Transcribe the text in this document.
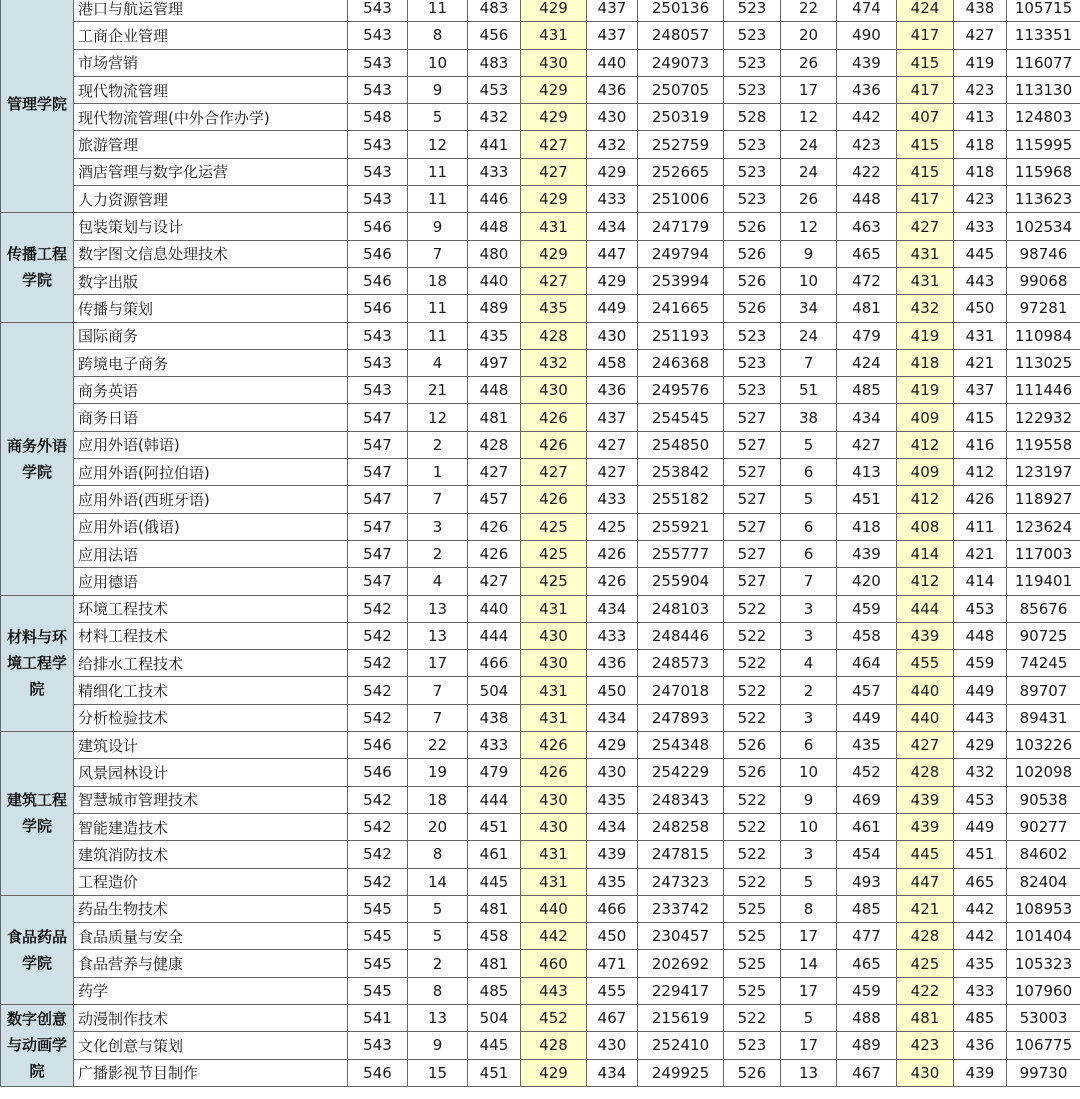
管理学院	港口与航运管理	543	11	483	429	437	250136	523	22	474	424	438	105715
	工商企业管理	543	8	456	431	437	248057	523	20	490	417	427	113351
	市场营销	543	10	483	430	440	249073	523	26	439	415	419	116077
	现代物流管理	543	9	453	429	436	250705	523	17	436	417	423	113130
	现代物流管理(中外合作办学)	548	5	432	429	430	250319	528	12	442	407	413	124803
	旅游管理	543	12	441	427	432	252759	523	24	423	415	418	115995
	酒店管理与数字化运营	543	11	433	427	429	252665	523	24	422	415	418	115968
	人力资源管理	543	11	446	429	433	251006	523	26	448	417	423	113623
传播工程学院	包装策划与设计	546	9	448	431	434	247179	526	12	463	427	433	102534
	数字图文信息处理技术	546	7	480	429	447	249794	526	9	465	431	445	98746
	数字出版	546	18	440	427	429	253994	526	10	472	431	443	99068
	传播与策划	546	11	489	435	449	241665	526	34	481	432	450	97281
商务外语学院	国际商务	543	11	435	428	430	251193	523	24	479	419	431	110984
	跨境电子商务	543	4	497	432	458	246368	523	7	424	418	421	113025
	商务英语	543	21	448	430	436	249576	523	51	485	419	437	111446
	商务日语	547	12	481	426	437	254545	527	38	434	409	415	122932
	应用外语(韩语)	547	2	428	426	427	254850	527	5	427	412	416	119558
	应用外语(阿拉伯语)	547	1	427	427	427	253842	527	6	413	409	412	123197
	应用外语(西班牙语)	547	7	457	426	433	255182	527	5	451	412	426	118927
	应用外语(俄语)	547	3	426	425	425	255921	527	6	418	408	411	123624
	应用法语	547	2	426	425	426	255777	527	6	439	414	421	117003
	应用德语	547	4	427	425	426	255904	527	7	420	412	414	119401
材料与环境工程学院	环境工程技术	542	13	440	431	434	248103	522	3	459	444	453	85676
	材料工程技术	542	13	444	430	433	248446	522	3	458	439	448	90725
	给排水工程技术	542	17	466	430	436	248573	522	4	464	455	459	74245
	精细化工技术	542	7	504	431	450	247018	522	2	457	440	449	89707
	分析检验技术	542	7	438	431	434	247893	522	3	449	440	443	89431
建筑工程学院	建筑设计	546	22	433	426	429	254348	526	6	435	427	429	103226
	风景园林设计	546	19	479	426	430	254229	526	10	452	428	432	102098
	智慧城市管理技术	542	18	444	430	435	248343	522	9	469	439	453	90538
	智能建造技术	542	20	451	430	434	248258	522	10	461	439	449	90277
	建筑消防技术	542	8	461	431	439	247815	522	3	454	445	451	84602
	工程造价	542	14	445	431	435	247323	522	5	493	447	465	82404
食品药品学院	药品生物技术	545	5	481	440	466	233742	525	8	485	421	442	108953
	食品质量与安全	545	5	458	442	450	230457	525	17	477	428	442	101404
	食品营养与健康	545	2	481	460	471	202692	525	14	465	425	435	105323
	药学	545	8	485	443	455	229417	525	17	459	422	433	107960
数字创意与动画学院	动漫制作技术	541	13	504	452	467	215619	522	5	488	481	485	53003
	文化创意与策划	543	9	445	428	430	252410	523	17	489	423	436	106775
	广播影视节目制作	546	15	451	429	434	249925	526	13	467	430	439	99730
